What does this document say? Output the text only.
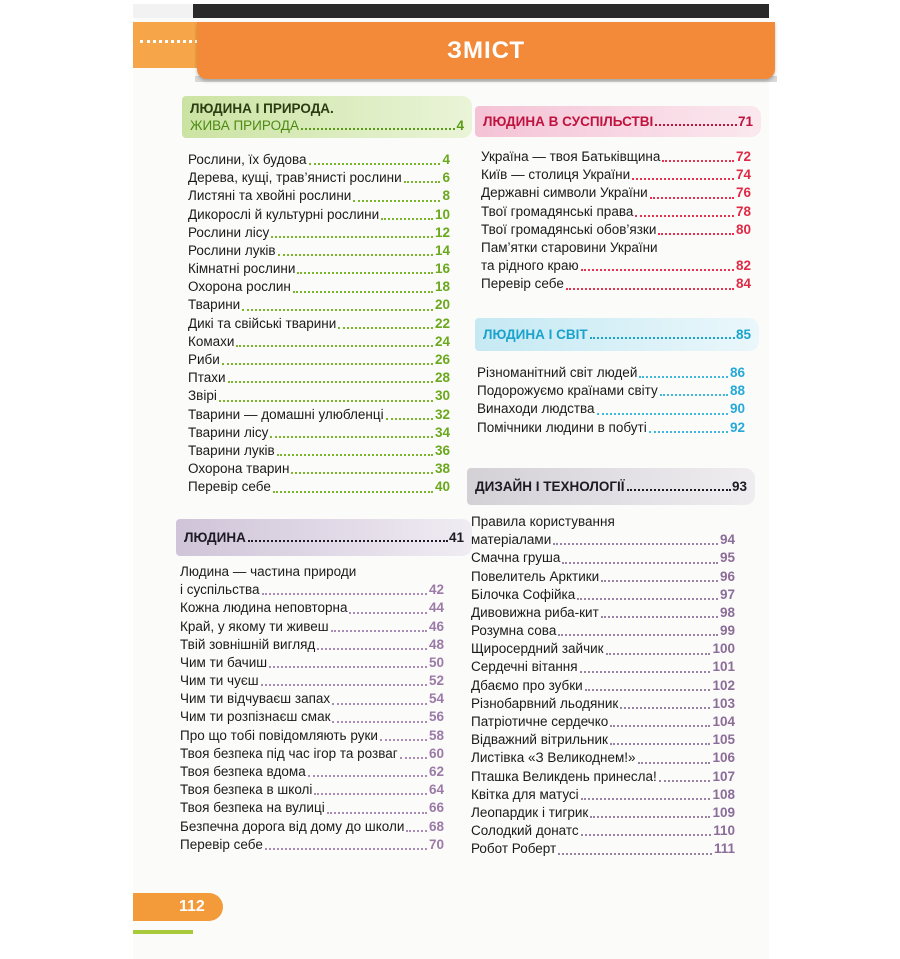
ЗМІСТ
ЛЮДИНА І ПРИРОДА.
ЖИВА ПРИРОДА	4
Рослини, їх будова	4
Дерева, кущі, трав’янисті рослини	6
Листяні та хвойні рослини	8
Дикорослі й культурні рослини	10
Рослини лісу	12
Рослини луків	14
Кімнатні рослини	16
Охорона рослин	18
Тварини	20
Дикі та свійські тварини	22
Комахи	24
Риби	26
Птахи	28
Звірі	30
Тварини — домашні улюбленці	32
Тварини лісу	34
Тварини луків	36
Охорона тварин	38
Перевір себе	40
ЛЮДИНА	41
Людина — частина природи
і суспільства	42
Кожна людина неповторна	44
Край, у якому ти живеш	46
Твій зовнішній вигляд	48
Чим ти бачиш	50
Чим ти чуєш	52
Чим ти відчуваєш запах	54
Чим ти розпізнаєш смак	56
Про що тобі повідомляють руки	58
Твоя безпека під час ігор та розваг 60
Твоя безпека вдома	62
Твоя безпека в школі	64
Твоя безпека на вулиці	66
Безпечна дорога від дому до школи 68
Перевір себе	70
ЛЮДИНА В СУСПІЛЬСТВІ	71
Україна — твоя Батьківщина	72
Київ — столиця України	74
Державні символи України	76
Твої громадянські права	78
Твої громадянські обов’язки	80
Пам’ятки старовини України
та рідного краю	82
Перевір себе	84
ЛЮДИНА І СВІТ	85
Різноманітний світ людей	86
Подорожуємо країнами світу	88
Винаходи людства	90
Помічники людини в побуті	92
ДИЗАЙН І ТЕХНОЛОГІЇ	93
Правила користування
матеріалами	94
Смачна груша	95
Повелитель Арктики	96
Білочка Софійка	97
Дивовижна риба-кит	98
Розумна сова	99
Щиросердний зайчик	100
Сердечні вітання	101
Дбаємо про зубки	102
Різнобарвний льодяник	103
Патріотичне сердечко	104
Відважний вітрильник	105
Листівка «З Великоднем!»	106
Пташка Великдень принесла!	107
Квітка для матусі	108
Леопардик і тигрик	109
Солодкий донатс	110
Робот Роберт	111
112
